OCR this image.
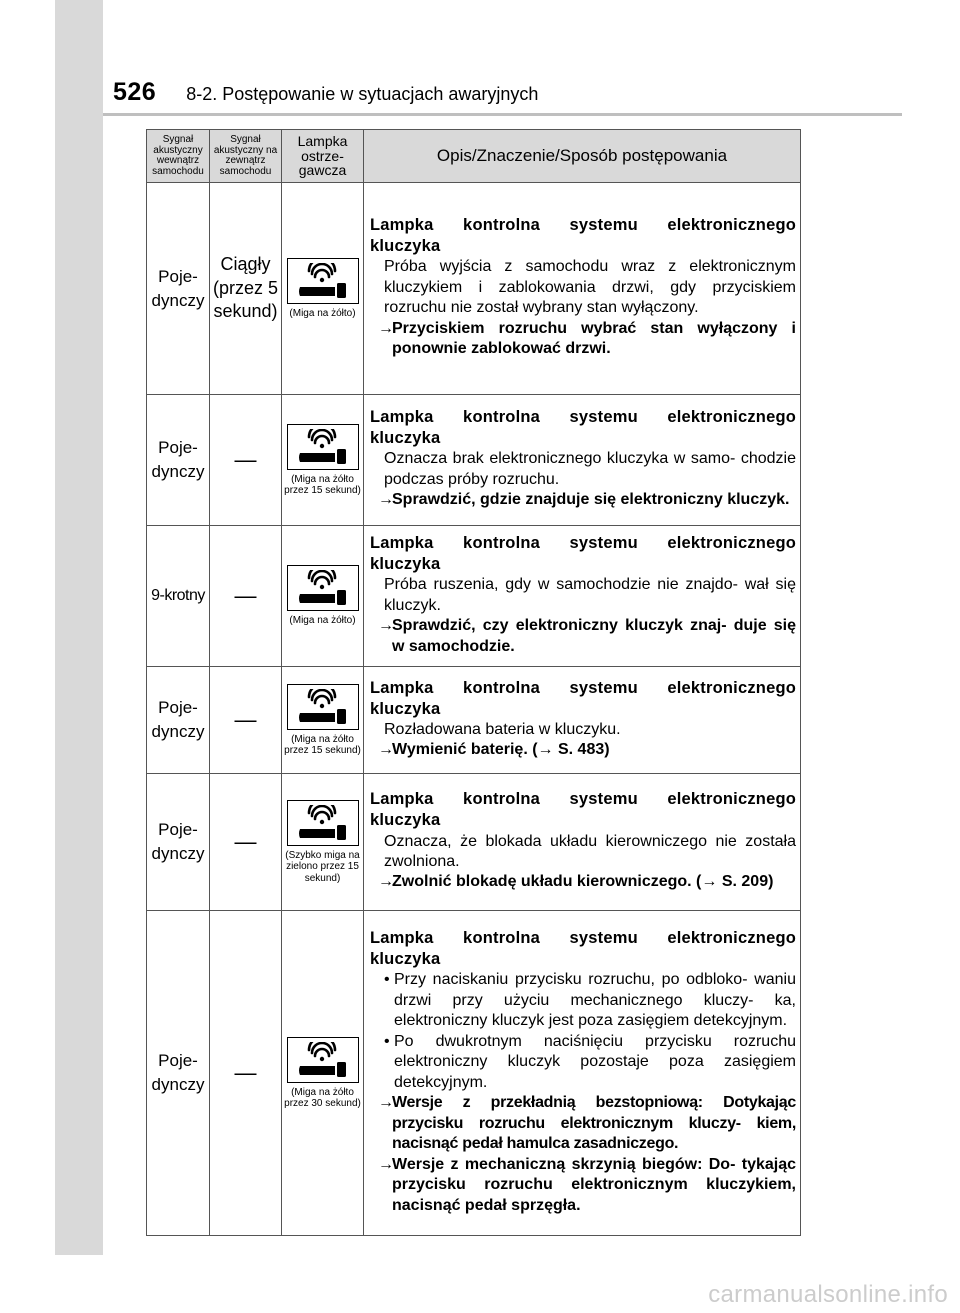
526 8-2. Postępowanie w sytuacjach awaryjnych
Sygnał akustyczny wewnątrz samochodu	Sygnał akustyczny na zewnątrz samochodu	Lampka ostrze- gawcza	Opis/Znaczenie/Sposób postępowania
Poje- dynczy	Ciągły (przez 5 sekund)	(Miga na żółto)	Lampka kontrolna systemu elektronicznego kluczyka
Próba wyjścia z samochodu wraz z elektronicznym kluczykiem i zablokowania drzwi, gdy przyciskiem rozruchu nie został wybrany stan wyłączony.
→Przyciskiem rozruchu wybrać stan wyłączony i ponownie zablokować drzwi.

Poje- dynczy	—	(Miga na żółto przez 15 sekund)	Lampka kontrolna systemu elektronicznego kluczyka
Oznacza brak elektronicznego kluczyka w samo- chodzie podczas próby rozruchu.
→Sprawdzić, gdzie znajduje się elektroniczny kluczyk.

9-krotny	—	(Miga na żółto)	Lampka kontrolna systemu elektronicznego kluczyka
Próba ruszenia, gdy w samochodzie nie znajdo- wał się kluczyk.
→Sprawdzić, czy elektroniczny kluczyk znaj- duje się w samochodzie.

Poje- dynczy	—	(Miga na żółto przez 15 sekund)	Lampka kontrolna systemu elektronicznego kluczyka
Rozładowana bateria w kluczyku.
→Wymienić baterię. (→ S. 483)

Poje- dynczy	—	(Szybko miga na zielono przez 15 sekund)	Lampka kontrolna systemu elektronicznego kluczyka
Oznacza, że blokada układu kierowniczego nie została zwolniona.
→Zwolnić blokadę układu kierowniczego. (→ S. 209)

Poje- dynczy	—	(Miga na żółto przez 30 sekund)	Lampka kontrolna systemu elektronicznego kluczyka
• Przy naciskaniu przycisku rozruchu, po odbloko- waniu drzwi przy użyciu mechanicznego kluczy- ka, elektroniczny kluczyk jest poza zasięgiem detekcyjnym.
• Po dwukrotnym naciśnięciu przycisku rozruchu elektroniczny kluczyk pozostaje poza zasięgiem detekcyjnym.
→Wersje z przekładnią bezstopniową: Dotykając przycisku rozruchu elektronicznym kluczy- kiem, nacisnąć pedał hamulca zasadniczego.
→Wersje z mechaniczną skrzynią biegów: Do- tykając przycisku rozruchu elektronicznym kluczykiem, nacisnąć pedał sprzęgła.
carmanualsonline.info
